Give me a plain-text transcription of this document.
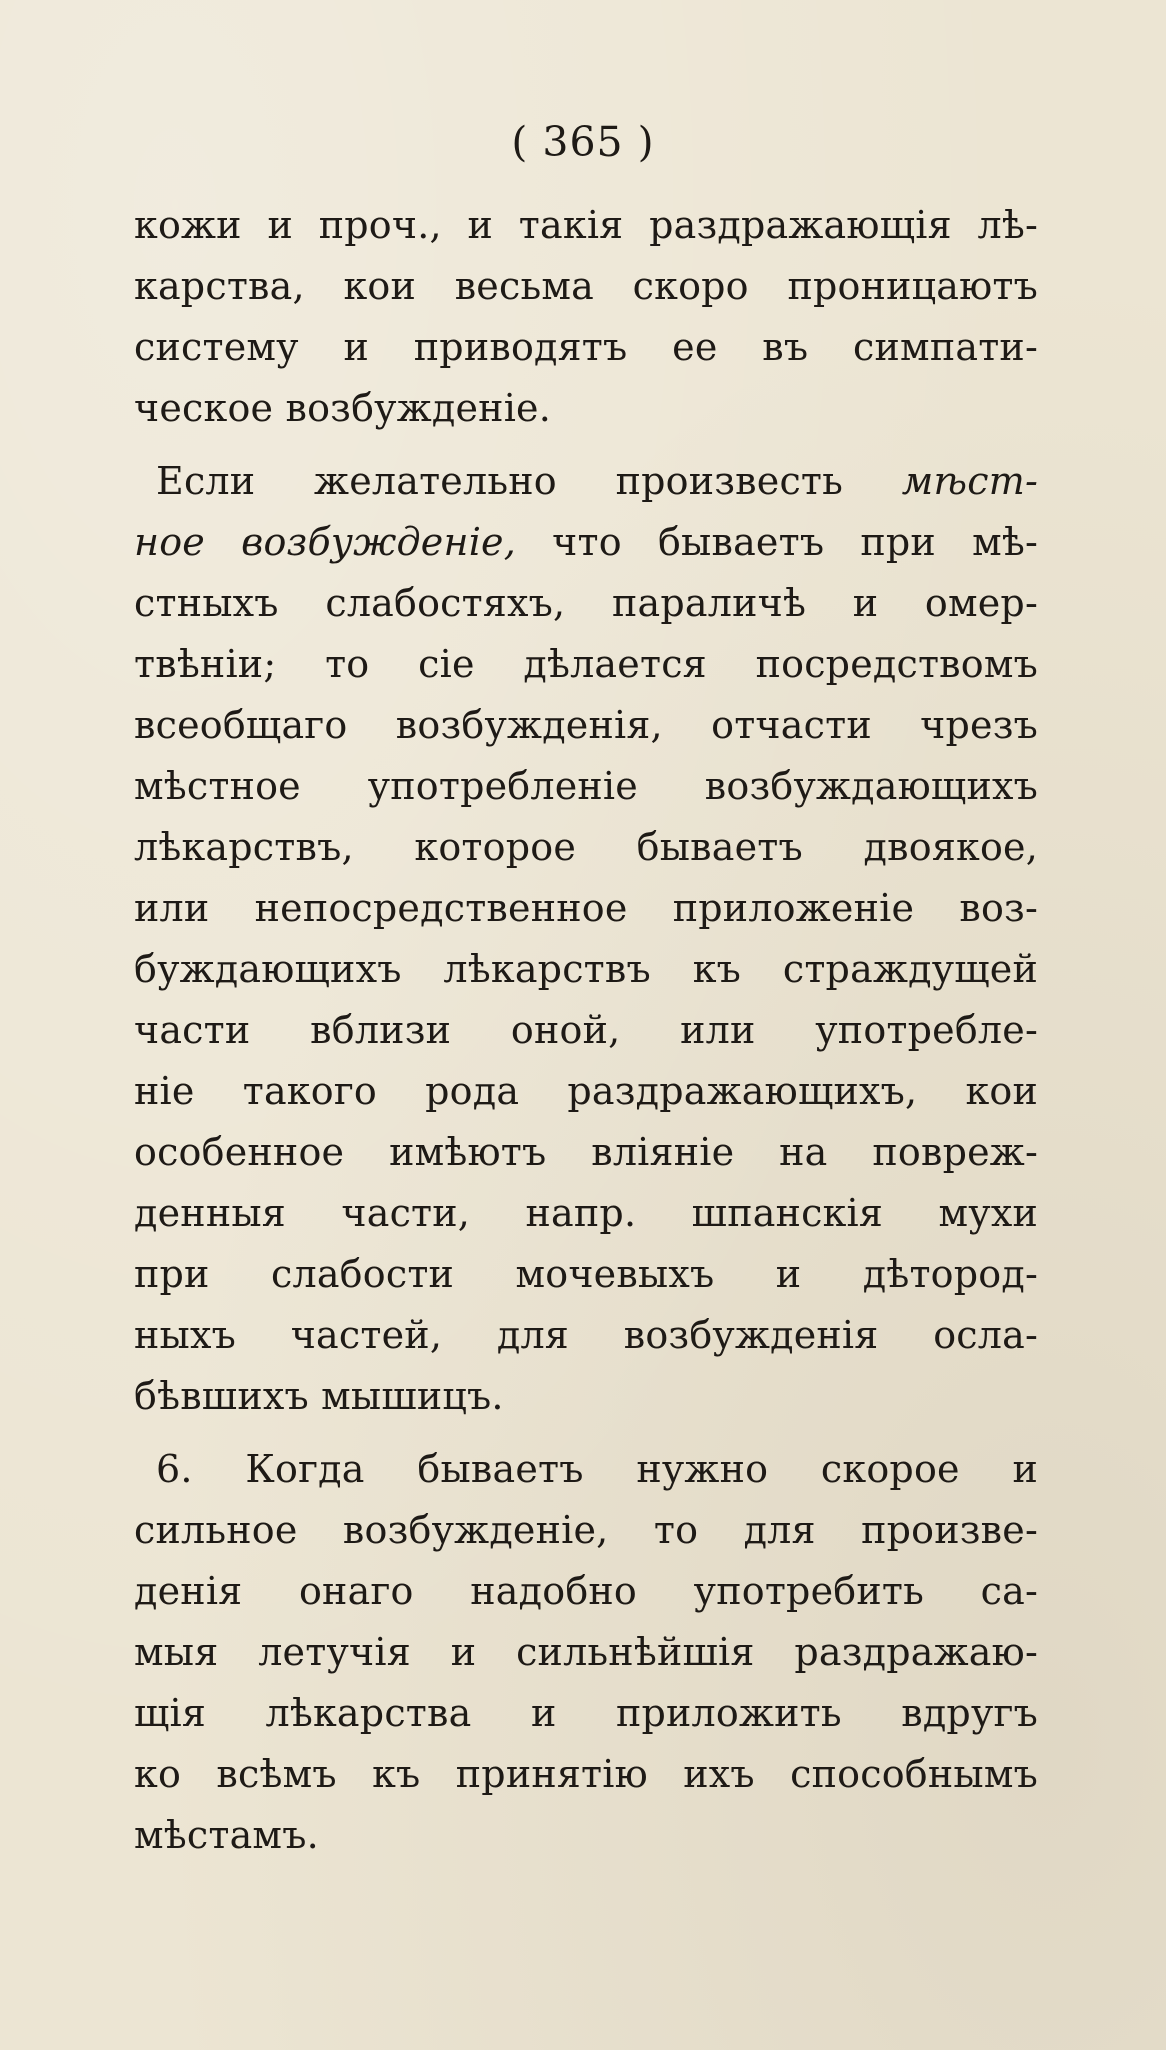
( 365 )
кожи и проч., и такія раздражающія лѣ-
карства, кои весьма скоро проницаютъ
систему и приводятъ ее въ симпати-
ческое возбужденіе.
Если желательно произвесть мѣст-
ное возбужденіе, что бываетъ при мѣ-
стныхъ слабостяхъ, параличѣ и омер-
твѣніи; то сіе дѣлается посредствомъ
всеобщаго возбужденія, отчасти чрезъ
мѣстное употребленіе возбуждающихъ
лѣкарствъ, которое бываетъ двоякое,
или непосредственное приложеніе воз-
буждающихъ лѣкарствъ къ страждущей
части вблизи оной, или употребле-
ніе такого рода раздражающихъ, кои
особенное имѣютъ вліяніе на повреж-
денныя части, напр. шпанскія мухи
при слабости мочевыхъ и дѣтород-
ныхъ частей, для возбужденія осла-
бѣвшихъ мышицъ.
6. Когда бываетъ нужно скорое и
сильное возбужденіе, то для произве-
денія онаго надобно употребить са-
мыя летучія и сильнѣйшія раздражаю-
щія лѣкарства и приложить вдругъ
ко всѣмъ къ принятію ихъ способнымъ
мѣстамъ.
